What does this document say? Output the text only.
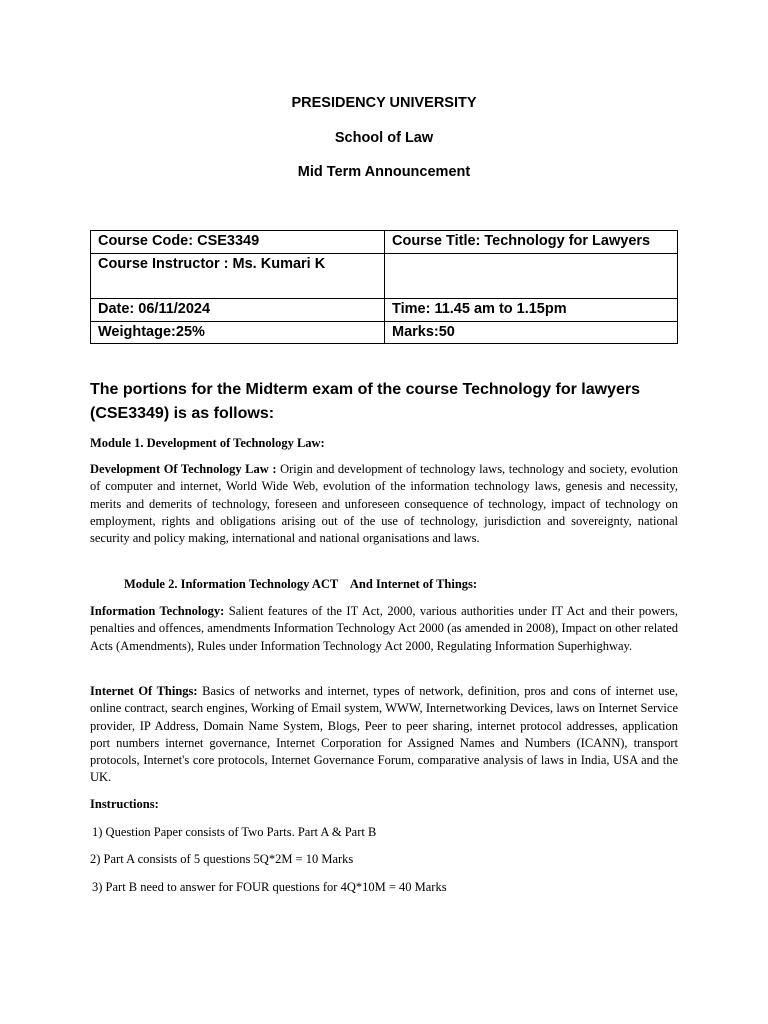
PRESIDENCY UNIVERSITY
School of Law
Mid Term Announcement
Course Code: CSE3349	Course Title: Technology for Lawyers
Course Instructor : Ms. Kumari K	
Date: 06/11/2024	Time: 11.45 am to 1.15pm
Weightage:25%	Marks:50
The portions for the Midterm exam of the course Technology for lawyers (CSE3349) is as follows:
Module 1. Development of Technology Law:
Development Of Technology Law : Origin and development of technology laws, technology and society, evolution of computer and internet, World Wide Web, evolution of the information technology laws, genesis and necessity, merits and demerits of technology, foreseen and unforeseen consequence of technology, impact of technology on employment, rights and obligations arising out of the use of technology, jurisdiction and sovereignty, national security and policy making, international and national organisations and laws.
Module 2. Information Technology ACT    And Internet of Things:
Information Technology: Salient features of the IT Act, 2000, various authorities under IT Act and their powers, penalties and offences, amendments Information Technology Act 2000 (as amended in 2008), Impact on other related Acts (Amendments), Rules under Information Technology Act 2000, Regulating Information Superhighway.
Internet Of Things: Basics of networks and internet, types of network, definition, pros and cons of internet use, online contract, search engines, Working of Email system, WWW, Internetworking Devices, laws on Internet Service provider, IP Address, Domain Name System, Blogs, Peer to peer sharing, internet protocol addresses, application port numbers internet governance, Internet Corporation for Assigned Names and Numbers (ICANN), transport protocols, Internet's core protocols, Internet Governance Forum, comparative analysis of laws in India, USA and the UK.
Instructions:
1) Question Paper consists of Two Parts. Part A & Part B
2) Part A consists of 5 questions 5Q*2M = 10 Marks
3) Part B need to answer for FOUR questions for 4Q*10M = 40 Marks
